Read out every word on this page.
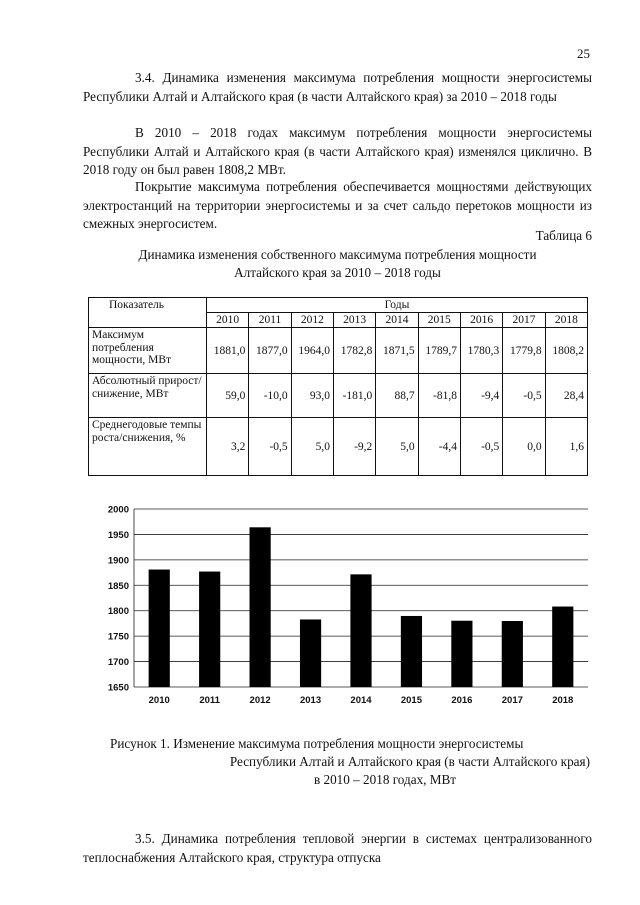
25

3.4. Динамика изменения максимума потребления мощности энергосистемы Республики Алтай и Алтайского края (в части Алтайского края) за 2010 – 2018 годы

В 2010 – 2018 годах максимум потребления мощности энергосистемы Республики Алтай и Алтайского края (в части Алтайского края) изменялся циклично. В 2018 году он был равен 1808,2 МВт.

Покрытие максимума потребления обеспечивается мощностями действующих электростанций на территории энергосистемы и за счет сальдо перетоков мощности из смежных энергосистем.

Таблица 6
Динамика изменения собственного максимума потребления мощности
Алтайского края за 2010 – 2018 годы
Показатель	Годы								
	2010	2011	2012	2013	2014	2015	2016	2017	2018
Максимум потребления мощности, МВт	1881,0	1877,0	1964,0	1782,8	1871,5	1789,7	1780,3	1779,8	1808,2
Абсолютный прирост/снижение, МВт	59,0	-10,0	93,0	-181,0	88,7	-81,8	-9,4	-0,5	28,4
Среднегодовые темпы роста/снижения, %	3,2	-0,5	5,0	-9,2	5,0	-4,4	-0,5	0,0	1,6
1650
1700
1750
1800
1850
1900
1950
2000
2010	2011	2012	2013	2014	2015	2016	2017	2018
Рисунок 1. Изменение максимума потребления мощности энергосистемы
Республики Алтай и Алтайского края (в части Алтайского края)
в 2010 – 2018 годах, МВт

3.5. Динамика потребления тепловой энергии в системах централизованного теплоснабжения Алтайского края, структура отпуска
